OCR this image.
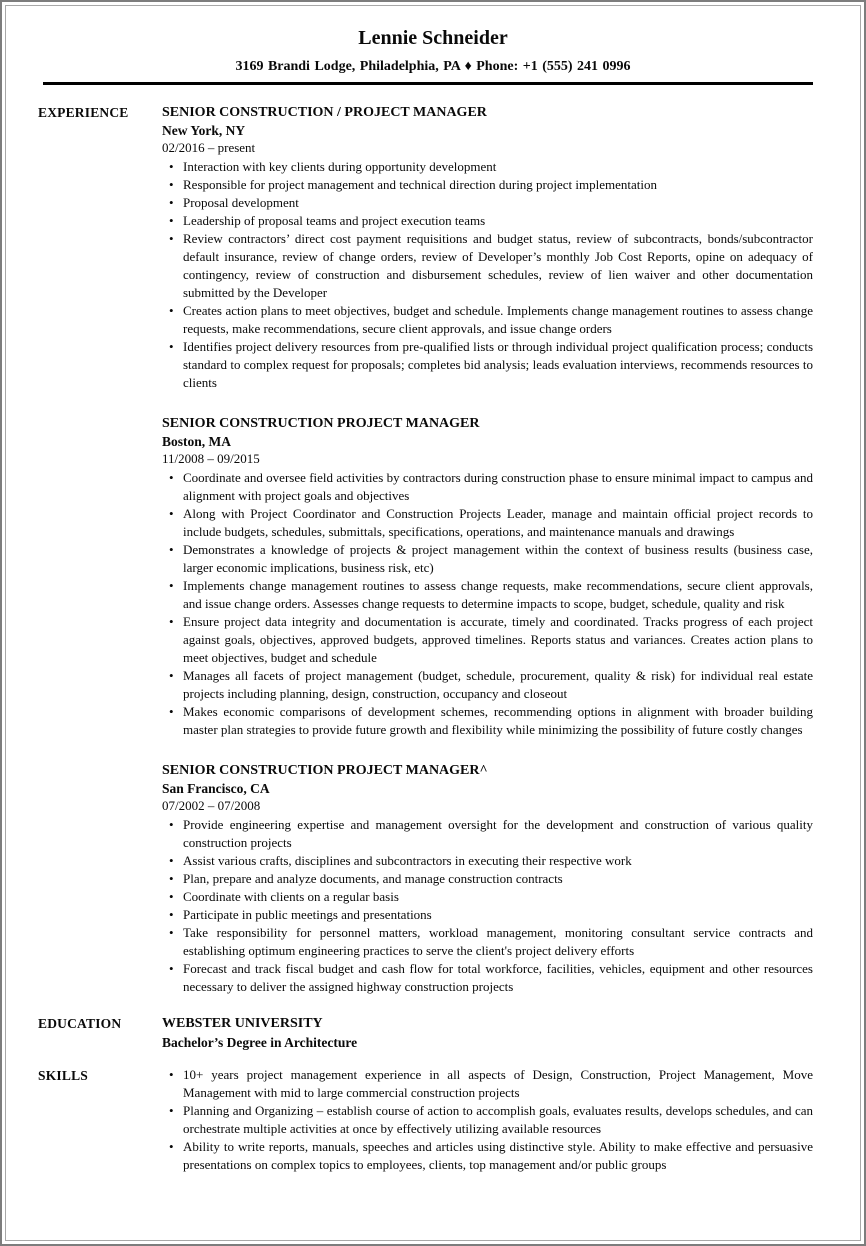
Lennie Schneider
3169 Brandi Lodge, Philadelphia, PA ♦ Phone: +1 (555) 241 0996
EXPERIENCE	SENIOR CONSTRUCTION / PROJECT MANAGER
New York, NY
02/2016 – present
• Interaction with key clients during opportunity development
• Responsible for project management and technical direction during project implementation
• Proposal development
• Leadership of proposal teams and project execution teams
• Review contractors’ direct cost payment requisitions and budget status, review of subcontracts, bonds/subcontractor default insurance, review of change orders, review of Developer’s monthly Job Cost Reports, opine on adequacy of contingency, review of construction and disbursement schedules, review of lien waiver and other documentation submitted by the Developer
• Creates action plans to meet objectives, budget and schedule. Implements change management routines to assess change requests, make recommendations, secure client approvals, and issue change orders
• Identifies project delivery resources from pre-qualified lists or through individual project qualification process; conducts standard to complex request for proposals; completes bid analysis; leads evaluation interviews, recommends resources to clients
SENIOR CONSTRUCTION PROJECT MANAGER
Boston, MA
11/2008 – 09/2015
• Coordinate and oversee field activities by contractors during construction phase to ensure minimal impact to campus and alignment with project goals and objectives
• Along with Project Coordinator and Construction Projects Leader, manage and maintain official project records to include budgets, schedules, submittals, specifications, operations, and maintenance manuals and drawings
• Demonstrates a knowledge of projects & project management within the context of business results (business case, larger economic implications, business risk, etc)
• Implements change management routines to assess change requests, make recommendations, secure client approvals, and issue change orders. Assesses change requests to determine impacts to scope, budget, schedule, quality and risk
• Ensure project data integrity and documentation is accurate, timely and coordinated. Tracks progress of each project against goals, objectives, approved budgets, approved timelines. Reports status and variances. Creates action plans to meet objectives, budget and schedule
• Manages all facets of project management (budget, schedule, procurement, quality & risk) for individual real estate projects including planning, design, construction, occupancy and closeout
• Makes economic comparisons of development schemes, recommending options in alignment with broader building master plan strategies to provide future growth and flexibility while minimizing the possibility of future costly changes
SENIOR CONSTRUCTION PROJECT MANAGER^
San Francisco, CA
07/2002 – 07/2008
• Provide engineering expertise and management oversight for the development and construction of various quality construction projects
• Assist various crafts, disciplines and subcontractors in executing their respective work
• Plan, prepare and analyze documents, and manage construction contracts
• Coordinate with clients on a regular basis
• Participate in public meetings and presentations
• Take responsibility for personnel matters, workload management, monitoring consultant service contracts and establishing optimum engineering practices to serve the client's project delivery efforts
• Forecast and track fiscal budget and cash flow for total workforce, facilities, vehicles, equipment and other resources necessary to deliver the assigned highway construction projects
EDUCATION	WEBSTER UNIVERSITY
Bachelor’s Degree in Architecture
SKILLS	• 10+ years project management experience in all aspects of Design, Construction, Project Management, Move Management with mid to large commercial construction projects
• Planning and Organizing – establish course of action to accomplish goals, evaluates results, develops schedules, and can orchestrate multiple activities at once by effectively utilizing available resources
• Ability to write reports, manuals, speeches and articles using distinctive style. Ability to make effective and persuasive presentations on complex topics to employees, clients, top management and/or public groups
